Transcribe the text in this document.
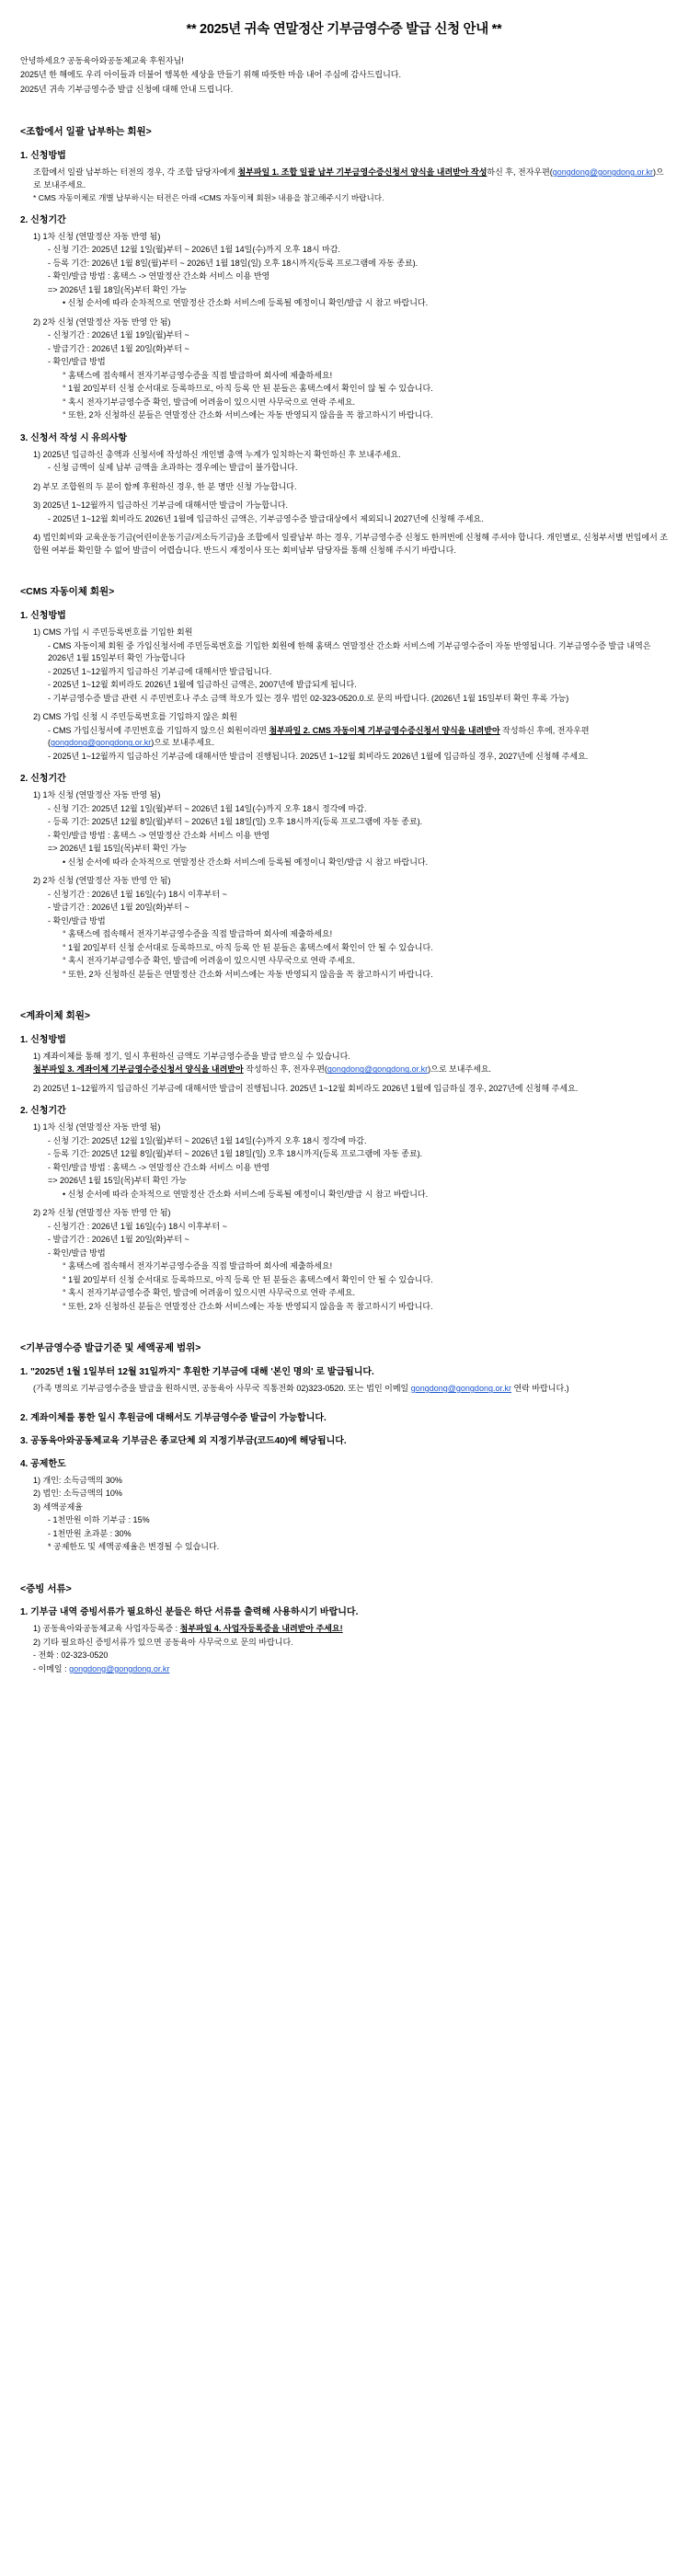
** 2025년 귀속 연말정산 기부금영수증 발급 신청 안내 **
안녕하세요? 공동육아와공동체교육 후원자님!
2025년 한 해에도 우리 아이들과 더불어 행복한 세상을 만들기 위해 따뜻한 마음 내어 주심에 감사드립니다.
2025년 귀속 기부금영수증 발급 신청에 대해 안내 드립니다.
<조합에서 일괄 납부하는 회원>
1. 신청방법
조합에서 일괄 납부하는 터전의 경우, 각 조합 담당자에게 첨부파일 1. 조합 일괄 납부 기부금영수증신청서 양식을 내려받아 작성하신 후, 전자우편(gongdong@gongdong.or.kr)으로 보내주세요.
* CMS 자동이체로 개별 납부하시는 터전은 아래 <CMS 자동이체 회원> 내용을 참고해주시기 바랍니다.
2. 신청기간
1) 1차 신청 (연말정산 자동 반영 됨)
- 신청 기간: 2025년 12월 1일(월)부터 ~ 2026년 1월 14일(수)까지 오후 18시 마감.
- 등록 기간: 2026년 1월 8일(월)부터 ~ 2026년 1월 18일(일) 오후 18시까지(등록 프로그램에 자동 종료).
- 확인/발급 방법 : 홈택스 -> 연말정산 간소화 서비스 이용 반영
=> 2026년 1월 18일(목)부터 확인 가능
• 신청 순서에 따라 순차적으로 연말정산 간소화 서비스에 등록될 예정이니 확인/발급 시 참고 바랍니다.
2) 2차 신청 (연말정산 자동 반영 안 됨)
- 신청기간 : 2026년 1월 19일(월)부터 ~
- 발급기간 : 2026년 1월 20일(화)부터 ~
- 확인/발급 방법
° 홈택스에 접속해서 전자기부금영수증을 직접 발급하여 회사에 제출하세요!
° 1월 20일부터 신청 순서대로 등록하므로, 아직 등록 안 된 분들은 홈택스에서 확인이 않 될 수 있습니다.
° 혹시 전자기부금영수증 확인, 발급에 어려움이 있으시면 사무국으로 연락 주세요.
° 또한, 2차 신청하신 분들은 연말정산 간소화 서비스에는 자동 반영되지 않음을 꼭 참고하시기 바랍니다.
3. 신청서 작성 시 유의사항
1) 2025년 입금하신 총액과 신청서에 작성하신 개인별 총액 누계가 일치하는지 확인하신 후 보내주세요.
- 신청 금액이 실제 납부 금액을 초과하는 경우에는 발급이 불가합니다.
2) 부모 조합원의 두 분이 함께 후원하신 경우, 한 분 명만 신청 가능합니다.
3) 2025년 1~12월까지 입금하신 기부금에 대해서만 발급이 가능합니다.
- 2025년 1~12월 회비라도 2026년 1월에 입금하신 금액은, 기부금영수증 발급대상에서 제외되니 2027년에 신청해 주세요.
4) 법인회비와 교육운동기금(어린이운동기금/저소득기금)을 조합에서 일괄납부 하는 경우, 기부금영수증 신청도 한꺼번에 신청해 주셔야 합니다. 개인별로, 신청부서별 번입에서 조합원 여부를 확인할 수 없어 발급이 어렵습니다. 반드시 재정이사 또는 회비납부 담당자를 통해 신청해 주시기 바랍니다.
<CMS 자동이체 회원>
1. 신청방법
1) CMS 가입 시 주민등록번호를 기입한 회원
- CMS 자동이체 회원 중 가입신청서에 주민등록번호를 기입한 회원에 한해 홈택스 연말정산 간소화 서비스에 기부금영수증이 자동 반영됩니다. 기부금영수증 발급 내역은 2026년 1월 15일부터 확인 가능합니다
- 2025년 1~12월까지 입금하신 기부금에 대해서만 발급됩니다.
- 2025년 1~12월 회비라도 2026년 1월에 입금하신 금액은, 2007년에 발급되게 됩니다.
- 기부금영수증 발급 관련 시 주민번호나 주소 금액 착오가 있는 경우 법인 02-323-0520.0.로 문의 바랍니다. (2026년 1월 15일부터 확인 후록 가능)
2) CMS 가입 신청 시 주민등록번호를 기입하지 않은 회원
- CMS 가입신청서에 주민번호를 기입하지 않으신 회원이라면 첨부파일 2. CMS 자동이체 기부금영수증신청서 양식을 내려받아 작성하신 후에, 전자우편(gongdong@gongdong.or.kr)으로 보내주세요.
- 2025년 1~12월까지 입금하신 기부금에 대해서만 발급이 진행됩니다. 2025년 1~12월 회비라도 2026년 1월에 입금하실 경우, 2027년에 신청해 주세요.
2. 신청기간
1) 1차 신청 (연말정산 자동 반영 됨)
- 신청 기간: 2025년 12월 1일(월)부터 ~ 2026년 1월 14일(수)까지 오후 18시 정각에 마감.
- 등록 기간: 2025년 12월 8일(월)부터 ~ 2026년 1월 18일(일) 오후 18시까지(등록 프로그램에 자동 종료).
- 확인/발급 방법 : 홈택스 -> 연말정산 간소화 서비스 이용 반영
=> 2026년 1월 15일(목)부터 확인 가능
• 신청 순서에 따라 순차적으로 연말정산 간소화 서비스에 등록될 예정이니 확인/발급 시 참고 바랍니다.
2) 2차 신청 (연말정산 자동 반영 안 됨)
- 신청기간 : 2026년 1월 16일(수) 18시 이후부터 ~
- 발급기간 : 2026년 1월 20일(화)부터 ~
- 확인/발급 방법
° 홈택스에 접속해서 전자기부금영수증을 직접 발급하여 회사에 제출하세요!
° 1월 20일부터 신청 순서대로 등록하므로, 아직 등록 안 된 분들은 홈택스에서 확인이 안 될 수 있습니다.
° 혹시 전자기부금영수증 확인, 발급에 어려움이 있으시면 사무국으로 연락 주세요.
° 또한, 2차 신청하신 분들은 연말정산 간소화 서비스에는 자동 반영되지 않음을 꼭 참고하시기 바랍니다.
<계좌이체 회원>
1. 신청방법
1) 계좌이체를 통해 정기, 일시 후원하신 금액도 기부금영수증을 발급 받으실 수 있습니다.
첨부파일 3. 계좌이체 기부금영수증신청서 양식을 내려받아 작성하신 후, 전자우편(gongdong@gongdong.or.kr)으로 보내주세요.
2) 2025년 1~12월까지 입금하신 기부금에 대해서만 발급이 진행됩니다. 2025년 1~12월 회비라도 2026년 1월에 입금하실 경우, 2027년에 신청해 주세요.
2. 신청기간
1) 1차 신청 (연말정산 자동 반영 됨)
- 신청 기간: 2025년 12월 1일(월)부터 ~ 2026년 1월 14일(수)까지 오후 18시 정각에 마감.
- 등록 기간: 2025년 12월 8일(월)부터 ~ 2026년 1월 18일(일) 오후 18시까지(등록 프로그램에 자동 종료).
- 확인/발급 방법 : 홈택스 -> 연말정산 간소화 서비스 이용 반영
=> 2026년 1월 15일(목)부터 확인 가능
• 신청 순서에 따라 순차적으로 연말정산 간소화 서비스에 등록될 예정이니 확인/발급 시 참고 바랍니다.
2) 2차 신청 (연말정산 자동 반영 안 됨)
- 신청기간 : 2026년 1월 16일(수) 18시 이후부터 ~
- 발급기간 : 2026년 1월 20일(화)부터 ~
- 확인/발급 방법
° 홈택스에 접속해서 전자기부금영수증을 직접 발급하여 회사에 제출하세요!
° 1월 20일부터 신청 순서대로 등록하므로, 아직 등록 안 된 분들은 홈택스에서 확인이 안 될 수 있습니다.
° 혹시 전자기부금영수증 확인, 발급에 어려움이 있으시면 사무국으로 연락 주세요.
° 또한, 2차 신청하신 분들은 연말정산 간소화 서비스에는 자동 반영되지 않음을 꼭 참고하시기 바랍니다.
<기부금영수증 발급기준 및 세액공제 범위>
1. "2025년 1월 1일부터 12월 31일까지" 후원한 기부금에 대해 '본인 명의' 로 발급됩니다.
(가족 명의로 기부금영수증을 발급을 원하시면, 공동육아 사무국 직통전화 02)323-0520. 또는 법인 이메일 gongdong@gongdong.or.kr 연락 바랍니다.)
2. 계좌이체를 통한 일시 후원금에 대해서도 기부금영수증 발급이 가능합니다.
3. 공동육아와공동체교육 기부금은 종교단체 외 지정기부금(코드40)에 해당됩니다.
4. 공제한도
1) 개인: 소득금액의 30%
2) 법인: 소득금액의 10%
3) 세액공제율
- 1천만원 이하 기부금 : 15%
- 1천만원 초과분 : 30%
* 공제한도 및 세액공제율은 변경될 수 있습니다.
<증빙 서류>
1. 기부금 내역 증빙서류가 필요하신 분들은 하단 서류를 출력해 사용하시기 바랍니다.
1) 공동육아와공동체교육 사업자등록증 : 첨부파일 4. 사업자등록증을 내려받아 주세요!
2) 기타 필요하신 증빙서류가 있으면 공동육아 사무국으로 문의 바랍니다.
- 전화 : 02-323-0520
- 이메일 : gongdong@gongdong.or.kr
